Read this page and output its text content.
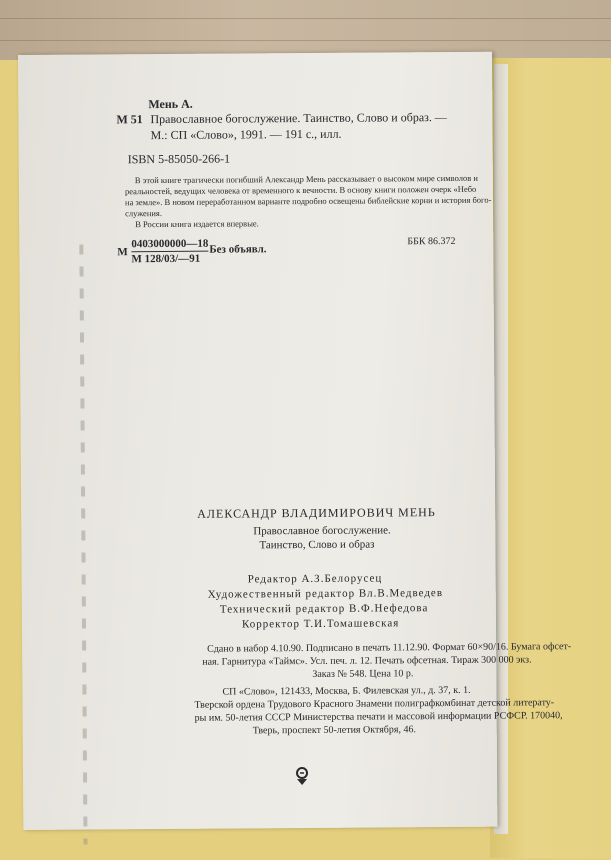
Мень А.
М 51 Православное богослужение. Таинство, Слово и образ. —
М.: СП «Слово», 1991. — 191 с., илл.
ISBN 5-85050-266-1
В этой книге трагически погибший Александр Мень рассказывает о высоком мире символов и
реальностей, ведущих человека от временного к вечности. В основу книги положен очерк «Небо
на земле». В новом переработанном варианте подробно освещены библейские корни и история бого-
служения.
В России книга издается впервые.
М
0403000000—18
М 128/03/—91
Без объявл.
ББК 86.372
АЛЕКСАНДР ВЛАДИМИРОВИЧ МЕНЬ
Православное богослужение.
Таинство, Слово и образ
Редактор А.З.Белорусец
Художественный редактор Вл.В.Медведев
Технический редактор В.Ф.Нефедова
Корректор Т.И.Томашевская
Сдано в набор 4.10.90. Подписано в печать 11.12.90. Формат 60×90/16. Бумага офсет-
ная. Гарнитура «Таймс». Усл. печ. л. 12. Печать офсетная. Тираж 300 000 экз.
Заказ № 548. Цена 10 р.
СП «Слово», 121433, Москва, Б. Филевская ул., д. 37, к. 1.
Тверской ордена Трудового Красного Знамени полиграфкомбинат детской литерату-
ры им. 50-летия СССР Министерства печати и массовой информации РСФСР. 170040,
Тверь, проспект 50-летия Октября, 46.
